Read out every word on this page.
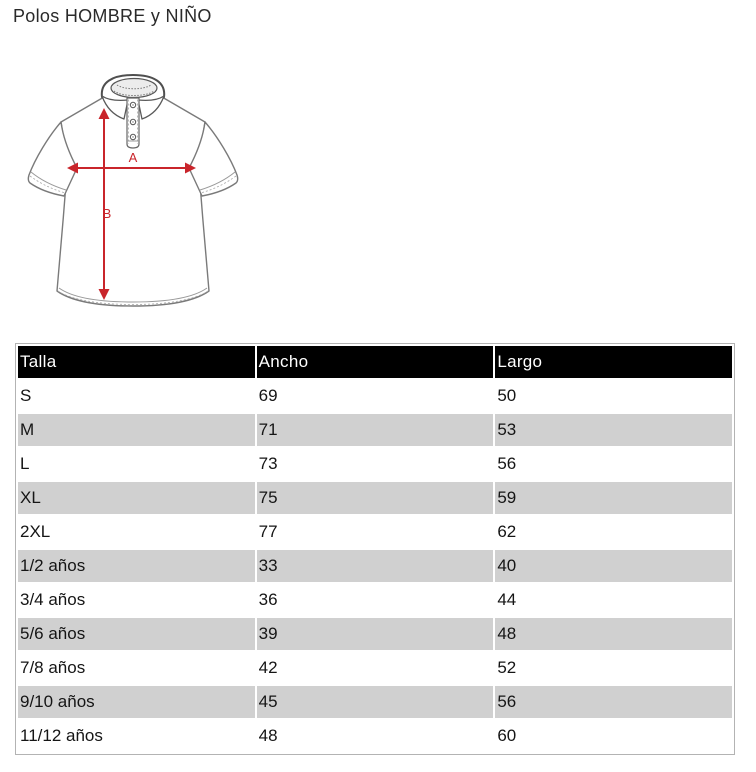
Polos HOMBRE y NIÑO
A
B
Talla	Ancho	Largo
S	69	50
M	71	53
L	73	56
XL	75	59
2XL	77	62
1/2 años	33	40
3/4 años	36	44
5/6 años	39	48
7/8 años	42	52
9/10 años	45	56
11/12 años	48	60
